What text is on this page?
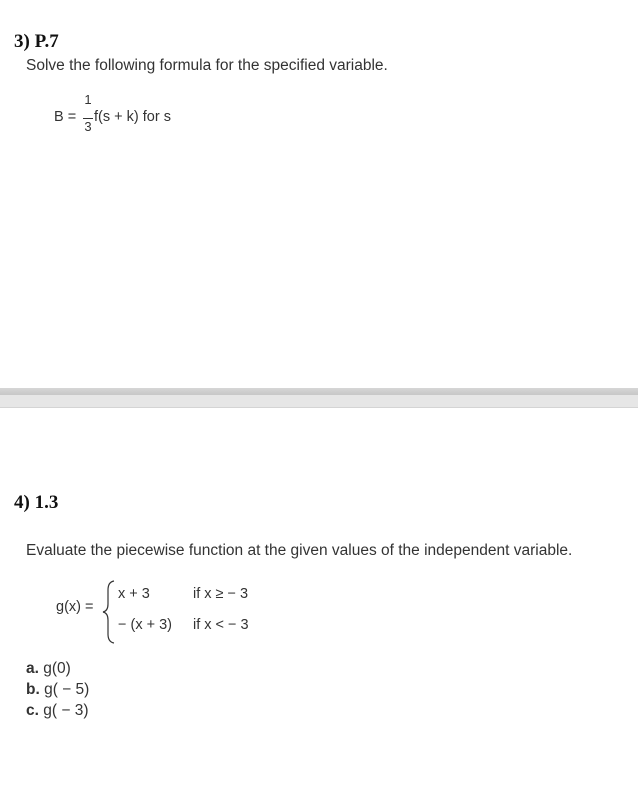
3) P.7
Solve the following formula for the specified variable.
B =
1
3
f(s + k) for s
4) 1.3
Evaluate the piecewise function at the given values of the independent variable.
g(x) =
x + 3	if x ≥ − 3
− (x + 3) if x < − 3
a. g(0)
b. g( − 5)
c. g( − 3)
